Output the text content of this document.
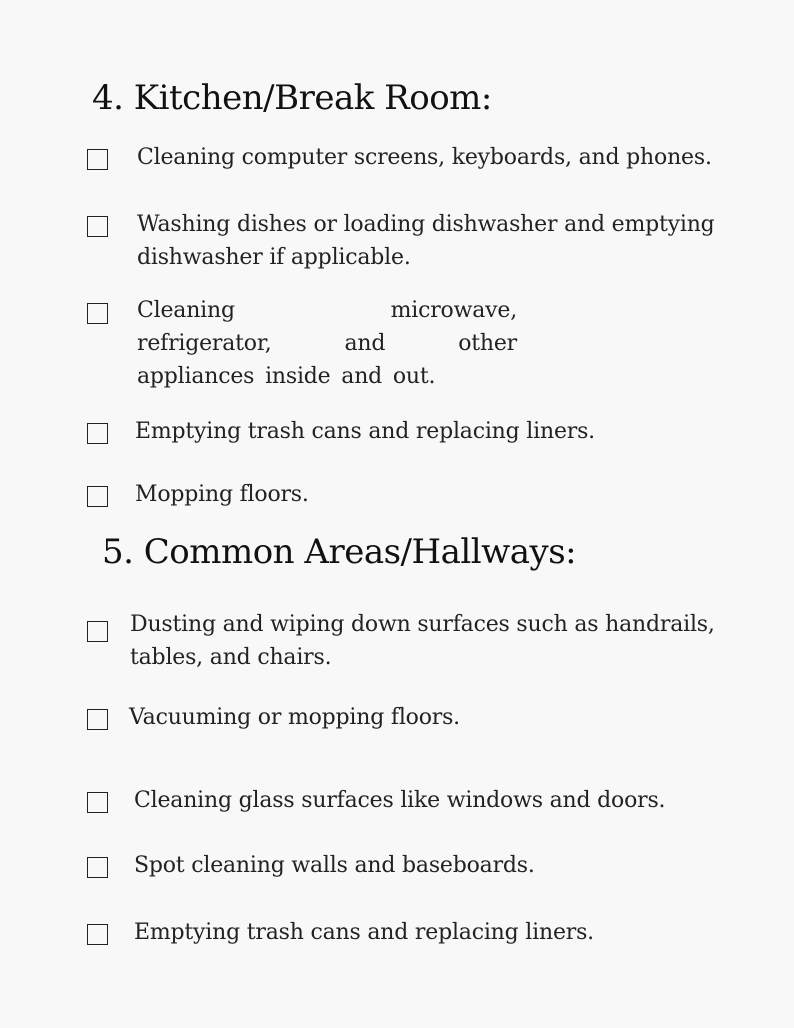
4. Kitchen/Break Room:
Cleaning computer screens, keyboards, and phones.
Washing dishes or loading dishwasher and emptying dishwasher if applicable.
Cleaning microwave, refrigerator, and other appliances inside and out.
Emptying trash cans and replacing liners.
Mopping floors.
5. Common Areas/Hallways:
Dusting and wiping down surfaces such as handrails, tables, and chairs.
Vacuuming or mopping floors.
Cleaning glass surfaces like windows and doors.
Spot cleaning walls and baseboards.
Emptying trash cans and replacing liners.
